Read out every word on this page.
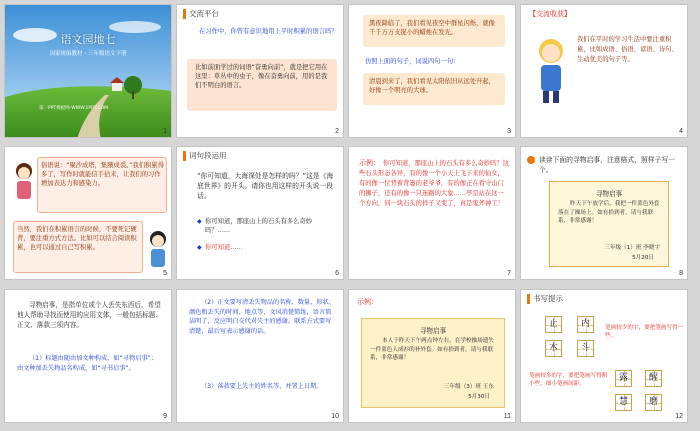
语文园地七
国家统编教材・三年级语文下册
第一PPT模板网-WWW.1PPT.COM
1
交流平台
在习作中，你曾有意识地用上平时积累的语言吗？
比如前面学过的词语“奋勇向前”，就是把它用在这里：草丛中的虫子，像在奋勇向前，用的是我们不明白的语言。
2
黑夜降临了，我们看见夜空中群星闪烁，就像千千万万支捉小的蜡烛在发光。
仿照上面的句子，词说四句一句：
清晨到来了，我们看见太阳依旧从远处升起，好像一个明亮的大球。
3
【交流收获】
我们在平时的学习生活中要注重积累，比如成语、俗语、谚语、诗句、生动优美的句子等。
4
俗语说：“聚沙成塔，集腋成裘。”我们积累得多了，写作时就能信手拈来，让我们的习作增加表达力和感染力。
当然，我们在积累语言的时候，不要死记硬背，要注重方式方法。比如可以结合阅读积累，也可以通过自己写积累。
5
词句段运用
“你可知道，大海深处是怎样的吗？”这是《海底世界》的开头。请你也用这样的开头说一段话。
◆ 你可知道，那座山上的石头有多么奇妙吗？……
◆ 你可知道……
6
示例： 你可知道，那座山上的石头有多么奇妙吗？这些石头形态各异，有的像一个小天上飞下来的仙女，有的像一位背着背篓的老爷爷，有的像正在看守山门的狮子，还有的像一只迷路的大象……亭是站在这一个方向，同一块石头的样子又变了，真是鬼斧神工！
7
读读下面的寻物启事，注意格式，照样子写一个。
寻物启事
昨天下午放学后，我把一件蓝色外套落在了操场上。如有拾到者，请与我联系，非常感谢！
三年级（1）班 李晓宇
5月20日
8
寻物启事，是指单位或个人丢失东西后，希望他人帮助寻找而使用的应用文体，一般包括标题、正文、落款三项内容。
（1）标题由随由加文种构成，如“寻物启事”；由文种加丢失物品名构成，如“寻书启事”。
9
（2）正文要写清丢失物品的名称、数量、形状、颜色和丢失的时间、地点等，文风消楚简练，语言简洁明了，反应明白交代对失主的感谢。联系方式要写清楚，最后写表示感谢的话。
（3）落款要上失主的姓名等，并署上日期。
10
示例：
寻物启事
本人于昨天下午两点钟左右，在学校操场遗失一件蓝色人成衫的补外套。如有拾到者，请与我联系，非常感谢！
三年级（3）班 王东
5月30日
11
书写提示
止	内
木	斗
笔画较少的字，要把笔画写得一些。
笔画较多的字，要把笔画写得粗小些，细小笔画间距。
露	醒
慧	磨
12
